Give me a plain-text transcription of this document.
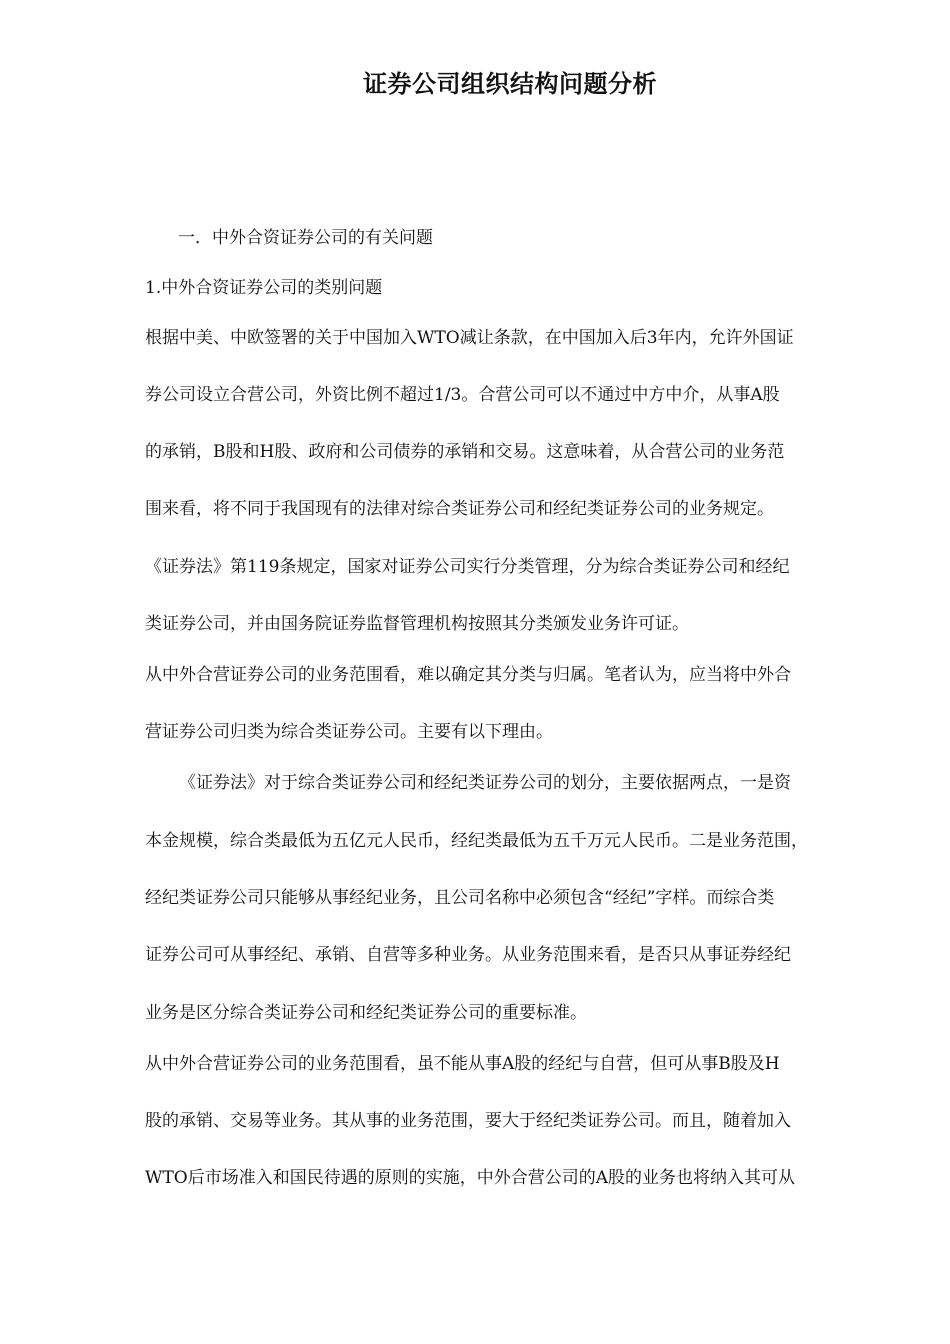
证券公司组织结构问题分析
一．中外合资证券公司的有关问题
1.中外合资证券公司的类别问题
根据中美、中欧签署的关于中国加入WTO减让条款，在中国加入后3年内，允许外国证
券公司设立合营公司，外资比例不超过1/3。合营公司可以不通过中方中介，从事A股
的承销，B股和H股、政府和公司债券的承销和交易。这意味着，从合营公司的业务范
围来看，将不同于我国现有的法律对综合类证券公司和经纪类证券公司的业务规定。
《证券法》第119条规定，国家对证券公司实行分类管理，分为综合类证券公司和经纪
类证券公司，并由国务院证券监督管理机构按照其分类颁发业务许可证。
从中外合营证券公司的业务范围看，难以确定其分类与归属。笔者认为，应当将中外合
营证券公司归类为综合类证券公司。主要有以下理由。
《证券法》对于综合类证券公司和经纪类证券公司的划分，主要依据两点，一是资
本金规模，综合类最低为五亿元人民币，经纪类最低为五千万元人民币。二是业务范围，
经纪类证券公司只能够从事经纪业务，且公司名称中必须包含“经纪”字样。而综合类
证券公司可从事经纪、承销、自营等多种业务。从业务范围来看，是否只从事证券经纪
业务是区分综合类证券公司和经纪类证券公司的重要标准。
从中外合营证券公司的业务范围看，虽不能从事A股的经纪与自营，但可从事B股及H
股的承销、交易等业务。其从事的业务范围，要大于经纪类证券公司。而且，随着加入
WTO后市场准入和国民待遇的原则的实施，中外合营公司的A股的业务也将纳入其可从
